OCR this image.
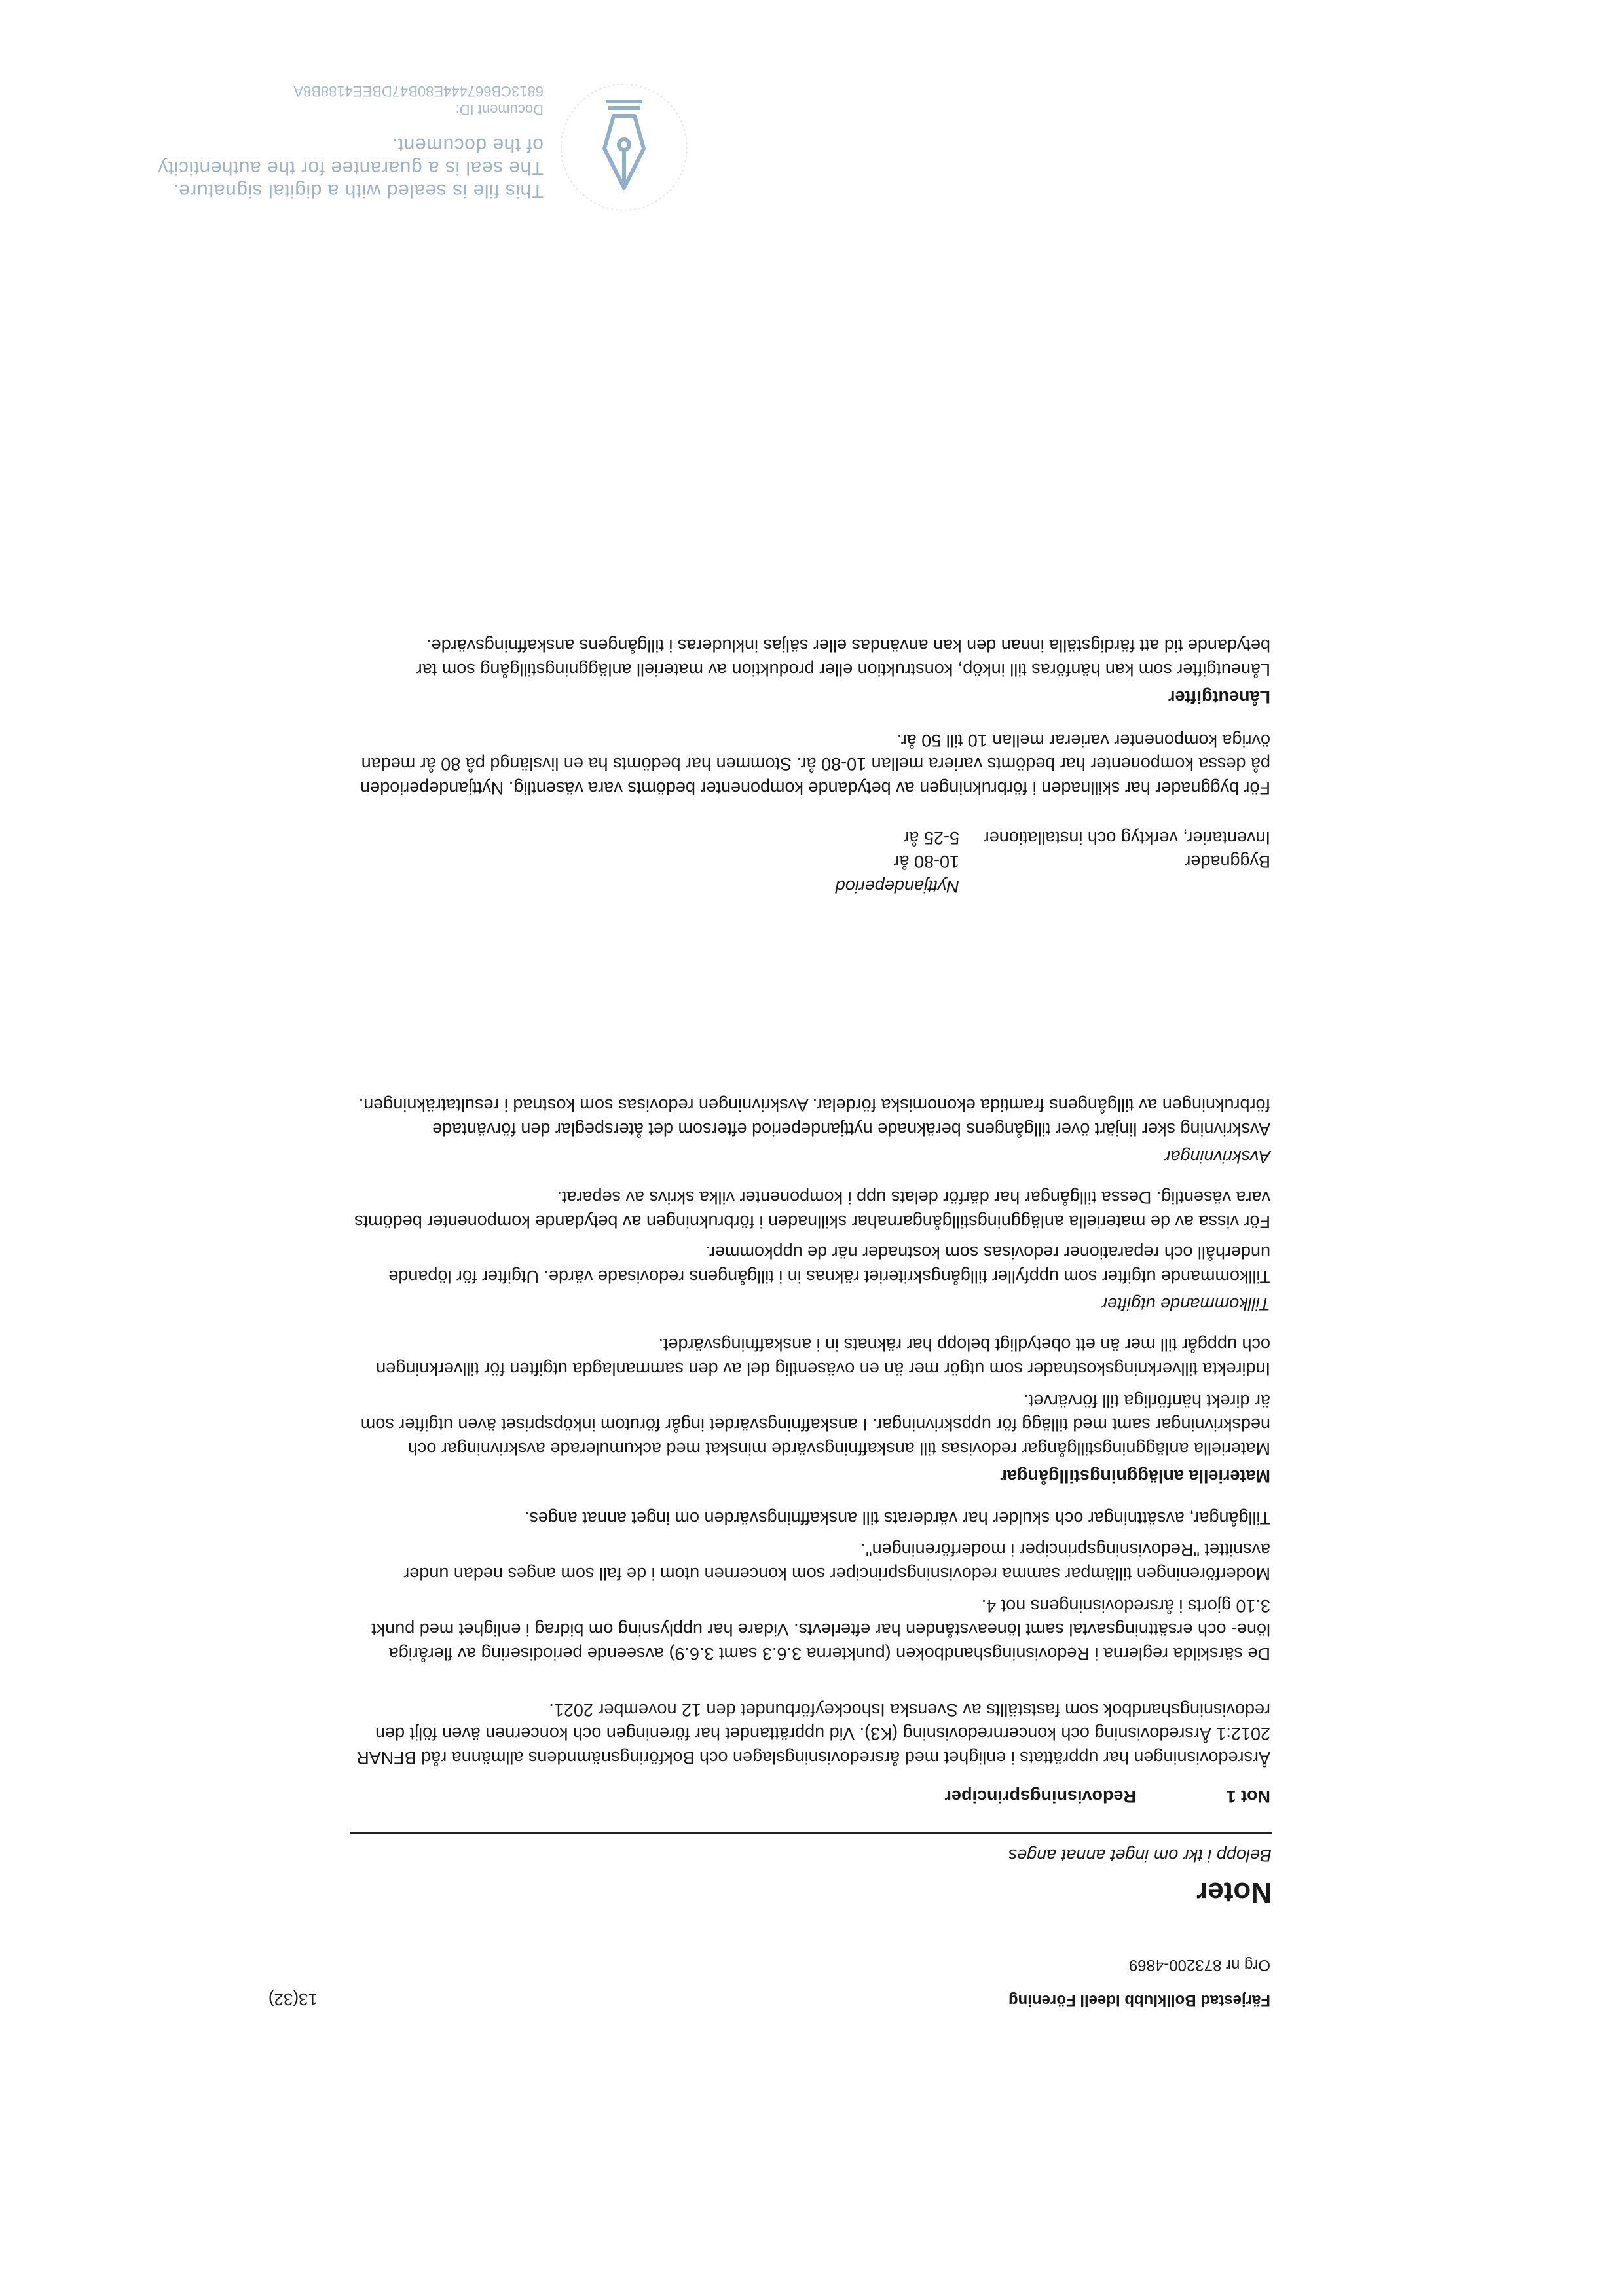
Färjestad Bollklubb Ideell Förening
13(32)
Org nr 873200-4869
Noter
Belopp i tkr om inget annat anges
Not 1
Redovisningsprinciper

Årsredovisningen har upprättats i enlighet med årsredovisningslagen och Bokföringsnämndens allmänna råd BFNAR 2012:1 Årsredovisning och koncernredovisning (K3). Vid upprättandet har föreningen och koncernen även följt den redovisningshandbok som fastställts av Svenska Ishockeyförbundet den 12 november 2021.

De särskilda reglerna i Redovisningshandboken (punkterna 3.6.3 samt 3.6.9) avseende periodisering av fleråriga löne- och ersättningsavtal samt löneavstånden har efterlevts. Vidare har upplysning om bidrag i enlighet med punkt 3.10 gjorts i årsredovisningens not 4.

Moderföreningen tillämpar samma redovisningsprinciper som koncernen utom i de fall som anges nedan under avsnittet "Redovisningsprinciper i moderföreningen".

Tillgångar, avsättningar och skulder har värderats till anskaffningsvärden om inget annat anges.

Materiella anläggningstillgångar

Materiella anläggningstillgångar redovisas till anskaffningsvärde minskat med ackumulerade avskrivningar och nedskrivningar samt med tillägg för uppskrivningar. I anskaffningsvärdet ingår förutom inköpspriset även utgifter som är direkt hänförliga till förvärvet.

Indirekta tillverkningskostnader som utgör mer än en oväsentlig del av den sammanlagda utgiften för tillverkningen och uppgår till mer än ett obetydligt belopp har räknats in i anskaffningsvärdet.

Tillkommande utgifter

Tillkommande utgifter som uppfyller tillgångskriteriet räknas in i tillgångens redovisade värde. Utgifter för löpande underhåll och reparationer redovisas som kostnader när de uppkommer.

För vissa av de materiella anläggningstillgångarnahar skillnaden i förbrukningen av betydande komponenter bedömts vara väsentlig. Dessa tillgångar har därför delats upp i komponenter vilka skrivs av separat.

Avskrivningar

Avskrivning sker linjärt över tillgångens beräknade nyttjandeperiod eftersom det återspeglar den förväntade förbrukningen av tillgångens framtida ekonomiska fördelar. Avskrivningen redovisas som kostnad i resultaträkningen.

Nyttjandeperiod
Byggnader
10-80 år
Inventarier, verktyg och installationer
5-25 år

För byggnader har skillnaden i förbrukningen av betydande komponenter bedömts vara väsentlig. Nyttjandeperioden på dessa komponenter har bedömts variera mellan 10-80 år. Stommen har bedömts ha en livslängd på 80 år medan övriga komponenter varierar mellan 10 till 50 år.

Låneutgifter

Låneutgifter som kan hänföras till inköp, konstruktion eller produktion av materiell anläggningstillgång som tar betydande tid att färdigställa innan den kan användas eller säljas inkluderas i tillgångens anskaffningsvärde.

This file is sealed with a digital signature.
The seal is a guarantee for the authenticity
of the document.
Document ID:
6813CB667444E80B47DBEE4188B8A
